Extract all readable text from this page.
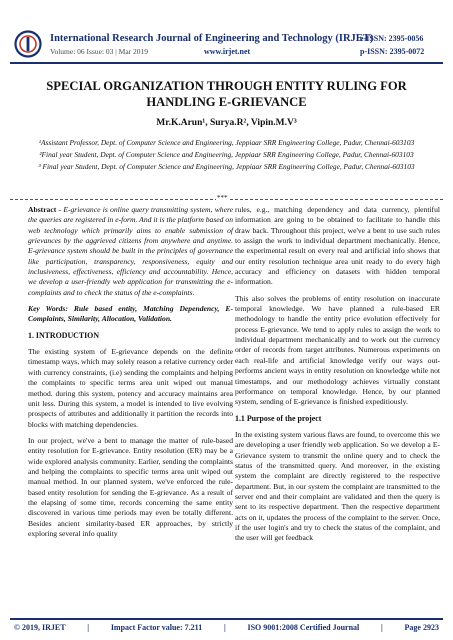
International Research Journal of Engineering and Technology (IRJET)
Volume: 06 Issue: 03 | Mar 2019	www.irjet.net
e-ISSN: 2395-0056
p-ISSN: 2395-0072
SPECIAL ORGANIZATION THROUGH ENTITY RULING FOR HANDLING E-GRIEVANCE
Mr.K.Arun¹, Surya.R², Vipin.M.V³

¹Assistant Professor, Dept. of Computer Science and Engineering, Jeppiaar SRR Engineering College, Padur, Chennai-603103

²Final year Student, Dept. of Computer Science and Engineering, Jeppiaar SRR Engineering College, Padur, Chennai-603103

³ Final year Student, Dept. of Computer Science and Engineering, Jeppiaar SRR Engineering College, Padur, Chennai-603103

***

Abstract - E-grievance is online query transmitting system, where the queries are registered in e-form. And it is the platform based on web technology which primarily aims to enable submission of grievances by the aggrieved citizens from anywhere and anytime. E-grievance system should be built in the principles of governance like participation, transparency, responsiveness, equity and inclusiveness, effectiveness, efficiency and accountability. Hence, we develop a user-friendly web application for transmitting the e-complaints and to check the status of the e-complaints.

Key Words: Rule based entity, Matching Dependency, E-Complaints, Similarity, Allocation, Validation.

1. INTRODUCTION

The existing system of E-grievance depends on the definite timestamp ways, which may solely reason a relative currency order with currency constraints, (i.e) sending the complaints and helping the complaints to specific terms area unit wiped out manual method. during this system, potency and accuracy maintains area unit less. During this system, a model is intended to live evolving prospects of attributes and additionally it partition the records into blocks with matching dependencies.

In our project, we've a bent to manage the matter of rule-based entity resolution for E-grievance. Entity resolution (ER) may be a wide explored analysis community. Earlier, sending the complaints and helping the complaints to specific terms area unit wiped out manual method. In our planned system, we've enforced the rule-based entity resolution for sending the E-grievance. As a result of the elapsing of some time, records concerning the same entity discovered in various time periods may even be totally different. Besides ancient similarity-based ER approaches, by strictly exploring several info quality

rules, e.g., matching dependency and data currency, plentiful information are going to be obtained to facilitate to handle this draw back. Throughout this project, we've a bent to use such rules to assign the work to individual department mechanically. Hence, the experimental result on every real and artificial info shows that our entity resolution technique area unit ready to do every high accuracy and efficiency on datasets with hidden temporal information.

This also solves the problems of entity resolution on inaccurate temporal knowledge. We have planned a rule-based ER methodology to handle the entity price evolution effectively for process E-grievance. We tend to apply rules to assign the work to individual department mechanically and to work out the currency order of records from target attributes. Numerous experiments on each real-life and artificial knowledge verify our ways out-performs ancient ways in entity resolution on knowledge while not timestamps, and our methodology achieves virtually constant performance on temporal knowledge. Hence, by our planned system, sending of E-grievance is finished expeditiously.

1.1 Purpose of the project

In the existing system various flaws are found, to overcome this we are developing a user friendly web application. So we develop a E-Grievance system to transmit the online query and to check the status of the transmitted query. And moreover, in the existing system the complaint are directly registered to the respective department. But, in our system the complaint are transmitted to the server end and their complaint are validated and then the query is sent to its respective department. Then the respective department acts on it, updates the process of the complaint to the server. Once, if the user login's and try to check the status of the complaint, and the user will get feedback

© 2019, IRJET	|	Impact Factor value: 7.211	|	ISO 9001:2008 Certified Journal	|	Page 2923
